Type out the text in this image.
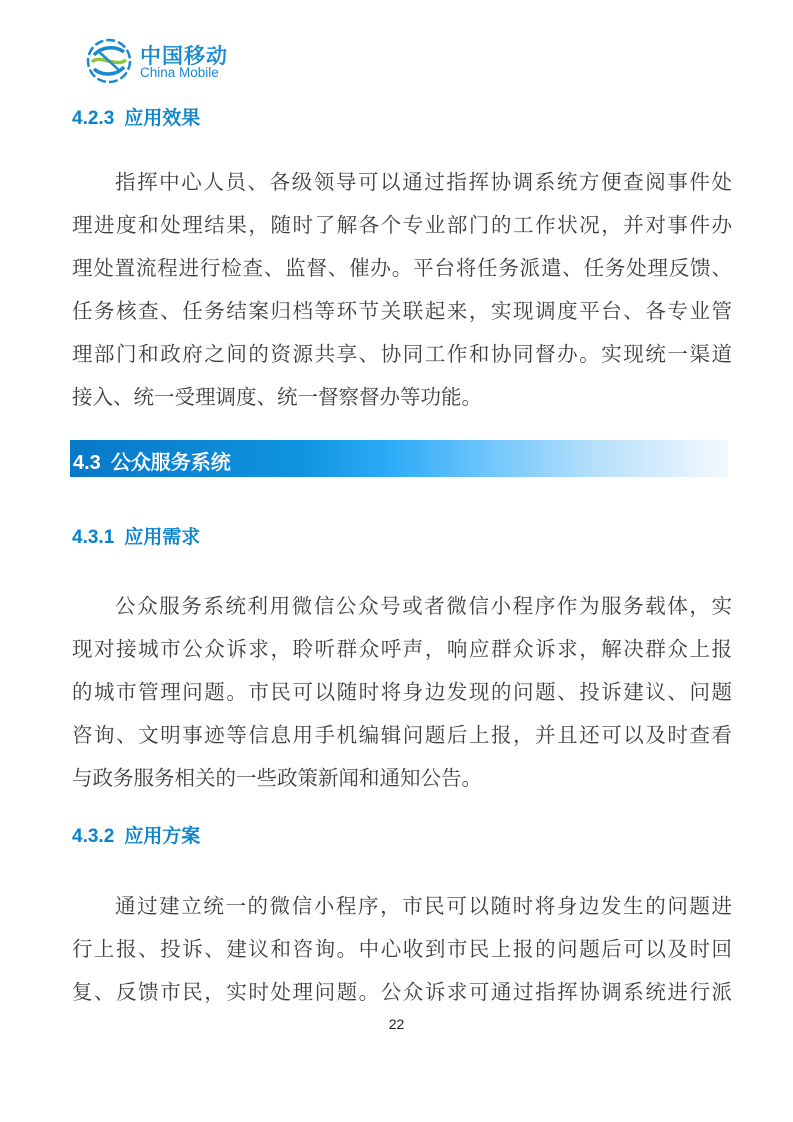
中国移动
China Mobile
4.2.3 应用效果
指挥中心人员、各级领导可以通过指挥协调系统方便查阅事件处
理进度和处理结果，随时了解各个专业部门的工作状况，并对事件办
理处置流程进行检查、监督、催办。平台将任务派遣、任务处理反馈、
任务核查、任务结案归档等环节关联起来，实现调度平台、各专业管
理部门和政府之间的资源共享、协同工作和协同督办。实现统一渠道
接入、统一受理调度、统一督察督办等功能。
4.3 公众服务系统
4.3.1 应用需求
公众服务系统利用微信公众号或者微信小程序作为服务载体，实
现对接城市公众诉求，聆听群众呼声，响应群众诉求，解决群众上报
的城市管理问题。市民可以随时将身边发现的问题、投诉建议、问题
咨询、文明事迹等信息用手机编辑问题后上报，并且还可以及时查看
与政务服务相关的一些政策新闻和通知公告。
4.3.2 应用方案
通过建立统一的微信小程序，市民可以随时将身边发生的问题进
行上报、投诉、建议和咨询。中心收到市民上报的问题后可以及时回
复、反馈市民，实时处理问题。公众诉求可通过指挥协调系统进行派
22
